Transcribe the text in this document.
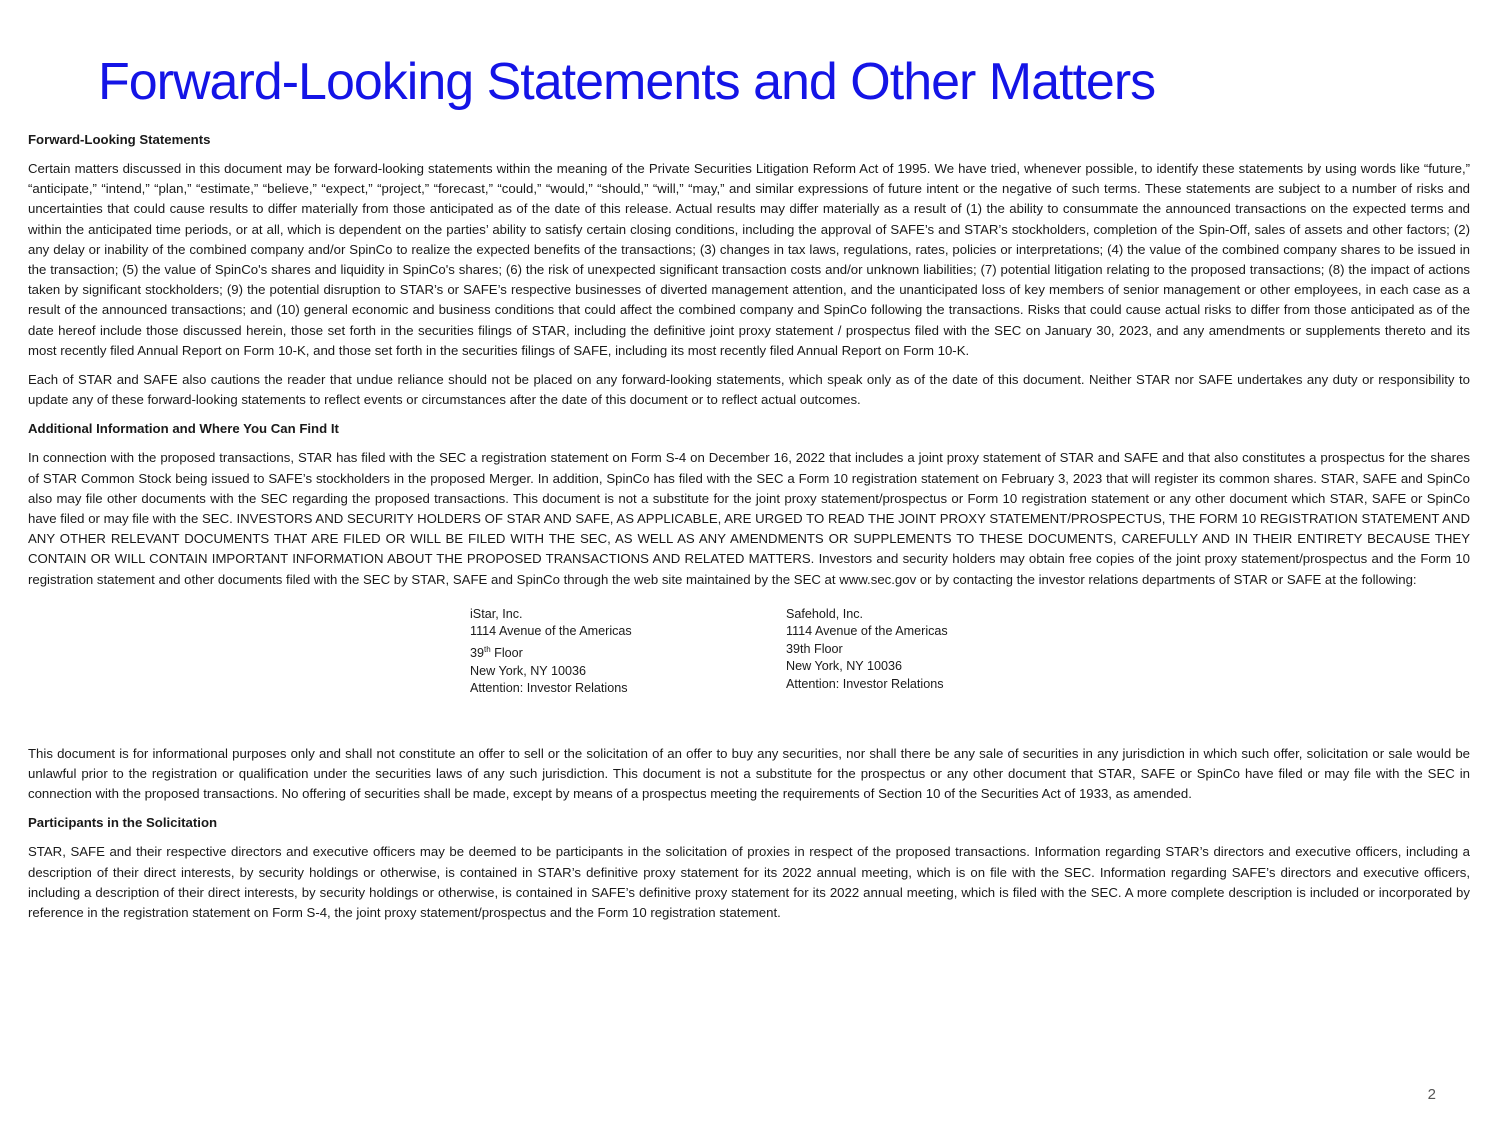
Forward-Looking Statements and Other Matters
Forward-Looking Statements

Certain matters discussed in this document may be forward-looking statements within the meaning of the Private Securities Litigation Reform Act of 1995. We have tried, whenever possible, to identify these statements by using words like “future,” “anticipate,” “intend,” “plan,” “estimate,” “believe,” “expect,” “project,” “forecast,” “could,” “would,” “should,” “will,” “may,” and similar expressions of future intent or the negative of such terms. These statements are subject to a number of risks and uncertainties that could cause results to differ materially from those anticipated as of the date of this release. Actual results may differ materially as a result of (1) the ability to consummate the announced transactions on the expected terms and within the anticipated time periods, or at all, which is dependent on the parties’ ability to satisfy certain closing conditions, including the approval of SAFE’s and STAR’s stockholders, completion of the Spin-Off, sales of assets and other factors; (2) any delay or inability of the combined company and/or SpinCo to realize the expected benefits of the transactions; (3) changes in tax laws, regulations, rates, policies or interpretations; (4) the value of the combined company shares to be issued in the transaction; (5) the value of SpinCo's shares and liquidity in SpinCo's shares; (6) the risk of unexpected significant transaction costs and/or unknown liabilities; (7) potential litigation relating to the proposed transactions; (8) the impact of actions taken by significant stockholders; (9) the potential disruption to STAR’s or SAFE’s respective businesses of diverted management attention, and the unanticipated loss of key members of senior management or other employees, in each case as a result of the announced transactions; and (10) general economic and business conditions that could affect the combined company and SpinCo following the transactions. Risks that could cause actual risks to differ from those anticipated as of the date hereof include those discussed herein, those set forth in the securities filings of STAR, including the definitive joint proxy statement / prospectus filed with the SEC on January 30, 2023, and any amendments or supplements thereto and its most recently filed Annual Report on Form 10-K, and those set forth in the securities filings of SAFE, including its most recently filed Annual Report on Form 10-K.

Each of STAR and SAFE also cautions the reader that undue reliance should not be placed on any forward-looking statements, which speak only as of the date of this document. Neither STAR nor SAFE undertakes any duty or responsibility to update any of these forward-looking statements to reflect events or circumstances after the date of this document or to reflect actual outcomes.

Additional Information and Where You Can Find It

In connection with the proposed transactions, STAR has filed with the SEC a registration statement on Form S-4 on December 16, 2022 that includes a joint proxy statement of STAR and SAFE and that also constitutes a prospectus for the shares of STAR Common Stock being issued to SAFE’s stockholders in the proposed Merger. In addition, SpinCo has filed with the SEC a Form 10 registration statement on February 3, 2023 that will register its common shares. STAR, SAFE and SpinCo also may file other documents with the SEC regarding the proposed transactions. This document is not a substitute for the joint proxy statement/prospectus or Form 10 registration statement or any other document which STAR, SAFE or SpinCo have filed or may file with the SEC. INVESTORS AND SECURITY HOLDERS OF STAR AND SAFE, AS APPLICABLE, ARE URGED TO READ THE JOINT PROXY STATEMENT/PROSPECTUS, THE FORM 10 REGISTRATION STATEMENT AND ANY OTHER RELEVANT DOCUMENTS THAT ARE FILED OR WILL BE FILED WITH THE SEC, AS WELL AS ANY AMENDMENTS OR SUPPLEMENTS TO THESE DOCUMENTS, CAREFULLY AND IN THEIR ENTIRETY BECAUSE THEY CONTAIN OR WILL CONTAIN IMPORTANT INFORMATION ABOUT THE PROPOSED TRANSACTIONS AND RELATED MATTERS. Investors and security holders may obtain free copies of the joint proxy statement/prospectus and the Form 10 registration statement and other documents filed with the SEC by STAR, SAFE and SpinCo through the web site maintained by the SEC at www.sec.gov or by contacting the investor relations departments of STAR or SAFE at the following:

iStar, Inc.
1114 Avenue of the Americas
39th Floor
New York, NY 10036
Attention: Investor Relations
Safehold, Inc.
1114 Avenue of the Americas
39th Floor
New York, NY 10036
Attention: Investor Relations

This document is for informational purposes only and shall not constitute an offer to sell or the solicitation of an offer to buy any securities, nor shall there be any sale of securities in any jurisdiction in which such offer, solicitation or sale would be unlawful prior to the registration or qualification under the securities laws of any such jurisdiction. This document is not a substitute for the prospectus or any other document that STAR, SAFE or SpinCo have filed or may file with the SEC in connection with the proposed transactions. No offering of securities shall be made, except by means of a prospectus meeting the requirements of Section 10 of the Securities Act of 1933, as amended.

Participants in the Solicitation

STAR, SAFE and their respective directors and executive officers may be deemed to be participants in the solicitation of proxies in respect of the proposed transactions. Information regarding STAR’s directors and executive officers, including a description of their direct interests, by security holdings or otherwise, is contained in STAR’s definitive proxy statement for its 2022 annual meeting, which is on file with the SEC. Information regarding SAFE’s directors and executive officers, including a description of their direct interests, by security holdings or otherwise, is contained in SAFE’s definitive proxy statement for its 2022 annual meeting, which is filed with the SEC. A more complete description is included or incorporated by reference in the registration statement on Form S-4, the joint proxy statement/prospectus and the Form 10 registration statement.

2
